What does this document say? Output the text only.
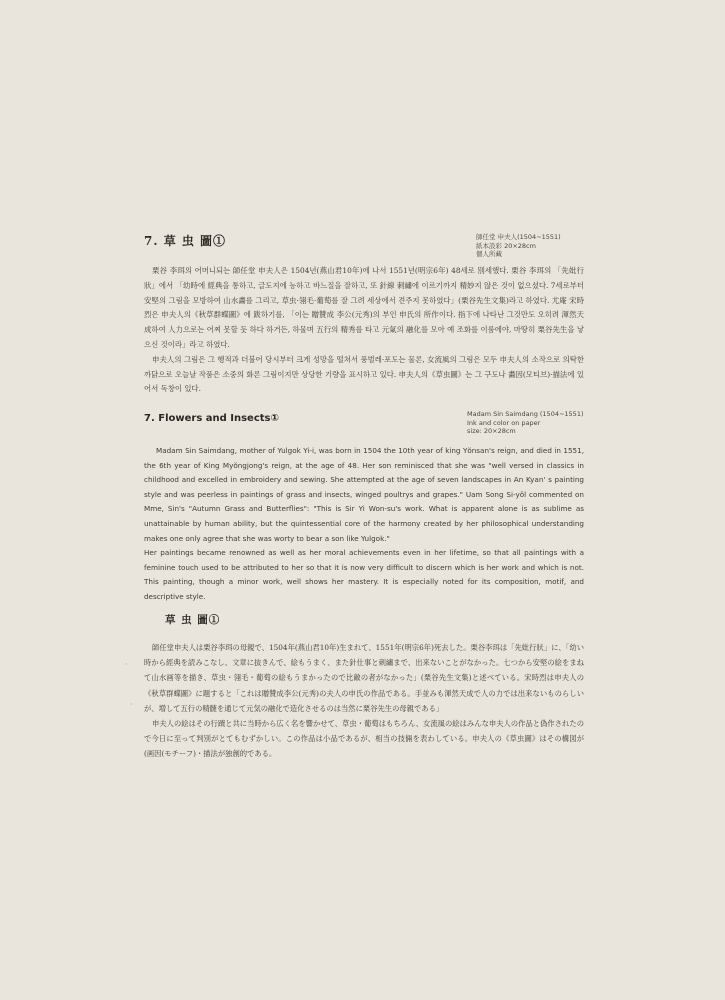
7. 草 虫 圖①	師任堂 申夫人(1504∼1551)
紙本設彩 20×28cm
個人所藏

栗谷 李珥의 어머니되는 師任堂 申夫人은 1504년(燕山君10年)에 나서 1551년(明宗6年) 48세로 別세했다. 栗谷 李珥의 「先妣行狀」에서 「幼時에 經典을 통하고, 글도지에 능하고 바느질을 잘하고, 또 針線 刺繡에 이르기까지 精妙지 않은 것이 없으셨다. 7세로부터 安堅의 그림을 모방하여 山水畵를 그리고, 草虫·翎毛·葡萄를 잘 그려 세상에서 견주지 못하였다」(栗谷先生文集)라고 하였다. 尤庵 宋時烈은 申夫人의《秋草群蝶圖》에 跋하기를, 「이는 贈贊成 李公(元秀)의 부인 申氏의 所作이다. 指下에 나타난 그것만도 오히려 渾然天成하여 人力으로는 어찌 못할 듯 하다 하거든, 하물며 五行의 精秀를 타고 元氣의 融化를 모아 예 조화를 이룸에야, 마땅히 栗谷先生을 낳으신 것이라」라고 하였다.

申夫人의 그림은 그 행적과 더불어 당시부터 크게 성망을 떨쳐서 풍벌레·포도는 물론, 女流風의 그림은 모두 申夫人의 소작으로 의탁한 까닭으로 오늘날 작품은 소중의 화론 그림이지만 상당한 기량을 표시하고 있다. 申夫人의《草虫圖》는 그 구도나 畵因(모티브)·描法에 있어서 독창이 있다.

7. Flowers and Insects①	Madam Sin Saimdang (1504∼1551)
Ink and color on paper
size: 20×28cm

Madam Sin Saimdang, mother of Yulgok Yi-i, was born in 1504 the 10th year of king Yŏnsan's reign, and died in 1551, the 6th year of King Myŏngjong's reign, at the age of 48. Her son reminisced that she was "well versed in classics in childhood and excelled in embroidery and sewing. She attempted at the age of seven landscapes in An Kyan' s painting style and was peerless in paintings of grass and insects, winged poultrys and grapes." Uam Song Si-yŏl commented on Mme, Sin's "Autumn Grass and Butterflies": "This is Sir Yi Won-su's work. What is apparent alone is as sublime as unattainable by human ability, but the quintessential core of the harmony created by her philosophical understanding makes one only agree that she was worty to bear a son like Yulgok."

Her paintings became renowned as well as her moral achievements even in her lifetime, so that all paintings with a feminine touch used to be attributed to her so that it is now very difficult to discern which is her work and which is not. This painting, though a minor work, well shows her mastery. It is especially noted for its composition, motif, and descriptive style.

草 虫 圖①

師任堂申夫人は栗谷李珥の母親で、1504年(燕山君10年)生まれて、1551年(明宗6年)死去した。栗谷李珥は「先妣行狀」に、「幼い時から經典を読みこなし、文章に抜きんで、絵もうまく、また針仕事と刺繡まで、出来ないことがなかった。七つから安堅の絵をまねて山水画等を描き、草虫・翎毛・葡萄の絵もうまかったので比敵の者がなかった」(栗谷先生文集)と述べている。宋時烈は申夫人の《秋草群蝶圖》に題すると「これは贈贊成李公(元秀)の夫人の申氏の作品である。手並みも渾然天成で人の力では出来ないものらしいが、増して五行の精髄を通じて元気の融化で造化させるのは当然に栗谷先生の母親である」

申夫人の絵はその行蹟と共に当時から広く名を響かせて、草虫・葡萄はもちろん、女流風の絵はみんな申夫人の作品と偽作されたので今日に至って判別がとてもむずかしい。この作品は小品であるが、相当の技倆を表わしている。申夫人の《草虫圖》はその構図が(画因(モチーフ)・描法が独創的である。

·
·
